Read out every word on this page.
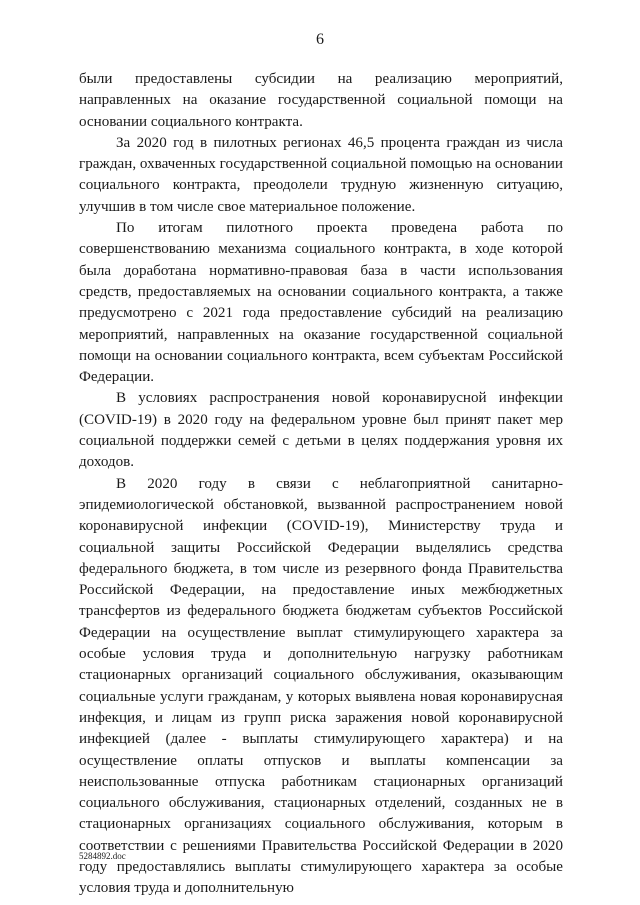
6

были предоставлены субсидии на реализацию мероприятий, направленных на оказание государственной социальной помощи на основании социального контракта.

За 2020 год в пилотных регионах 46,5 процента граждан из числа граждан, охваченных государственной социальной помощью на основании социального контракта, преодолели трудную жизненную ситуацию, улучшив в том числе свое материальное положение.

По итогам пилотного проекта проведена работа по совершенствованию механизма социального контракта, в ходе которой была доработана нормативно-правовая база в части использования средств, предоставляемых на основании социального контракта, а также предусмотрено с 2021 года предоставление субсидий на реализацию мероприятий, направленных на оказание государственной социальной помощи на основании социального контракта, всем субъектам Российской Федерации.

В условиях распространения новой коронавирусной инфекции (COVID-19) в 2020 году на федеральном уровне был принят пакет мер социальной поддержки семей с детьми в целях поддержания уровня их доходов.

В 2020 году в связи с неблагоприятной санитарно-эпидемиологической обстановкой, вызванной распространением новой коронавирусной инфекции (COVID-19), Министерству труда и социальной защиты Российской Федерации выделялись средства федерального бюджета, в том числе из резервного фонда Правительства Российской Федерации, на предоставление иных межбюджетных трансфертов из федерального бюджета бюджетам субъектов Российской Федерации на осуществление выплат стимулирующего характера за особые условия труда и дополнительную нагрузку работникам стационарных организаций социального обслуживания, оказывающим социальные услуги гражданам, у которых выявлена новая коронавирусная инфекция, и лицам из групп риска заражения новой коронавирусной инфекцией (далее - выплаты стимулирующего характера) и на осуществление оплаты отпусков и выплаты компенсации за неиспользованные отпуска работникам стационарных организаций социального обслуживания, стационарных отделений, созданных не в стационарных организациях социального обслуживания, которым в соответствии с решениями Правительства Российской Федерации в 2020 году предоставлялись выплаты стимулирующего характера за особые условия труда и дополнительную

5284892.doc
